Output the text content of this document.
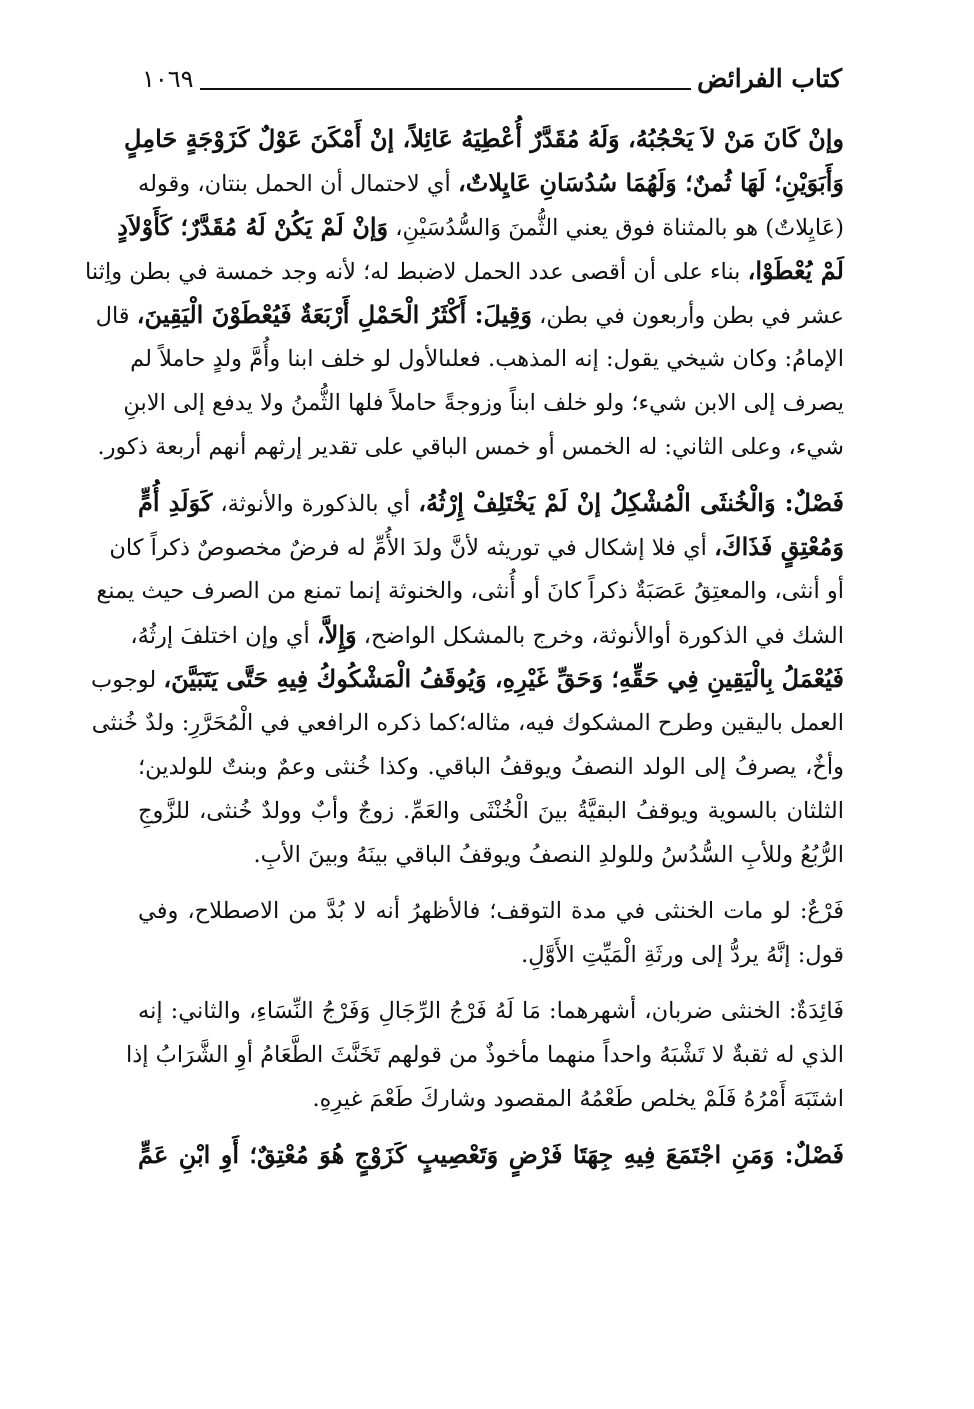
كتاب الفرائض
١٠٦٩
وإنْ كَانَ مَنْ لاَ يَحْجُبُهُ، وَلَهُ مُقَدَّرٌ أُعْطِيَهُ عَائِلاً، إنْ أَمْكَنَ عَوْلٌ كَزَوْجَةٍ حَامِلٍ
وَأَبَوَيْنِ؛ لَهَا ثُمنٌ؛ وَلَهُمَا سُدُسَانِ عَايِلاتٌ، أي لاحتمال أن الحمل بنتان، وقوله
(عَايِلاتٌ) هو بالمثناة فوق يعني الثُّمنَ وَالسُّدُسَيْنِ، وَإنْ لَمْ يَكُنْ لَهُ مُقَدَّرٌ؛ كَأَوْلاَدٍ
لَمْ يُعْطَوْا، بناء على أن أقصى عدد الحمل لاضبط له؛ لأنه وجد خمسة في بطن واِثنا
عشر في بطن وأربعون في بطن، وَقِيلَ: أَكْثَرُ الْحَمْلِ أَرْبَعَةٌ فَيُعْطَوْنَ الْيَقِينَ، قال
الإمامُ: وكان شيخي يقول: إنه المذهب. فعلىالأول لو خلف ابنا وأُمَّ ولدٍ حاملاً لم
يصرف إلى الابن شيء؛ ولو خلف ابناً وزوجةً حاملاً فلها الثُّمنُ ولا يدفع إلى الابنِ
شيء، وعلى الثاني: له الخمس أو خمس الباقي على تقدير إرثهم أنهم أربعة ذكور.
فَصْلٌ: وَالْخُنثَى الْمُشْكِلُ إنْ لَمْ يَخْتَلِفْ إِرْثُهُ، أي بالذكورة والأنوثة، كَوَلَدِ أُمٍّ
وَمُعْتِقٍ فَذَاكَ، أي فلا إشكال في توريثه لأنَّ ولدَ الأُمِّ له فرضٌ مخصوصٌ ذكراً كان
أو أنثى، والمعتِقُ عَصَبَةٌ ذكراً كانَ أو أُنثى، والخنوثة إنما تمنع من الصرف حيث يمنع
الشك في الذكورة أوالأنوثة، وخرج بالمشكل الواضح، وَإِلاَّ، أي وإن اختلفَ إرثُهُ،
فَيُعْمَلُ بِالْيَقِينِ فِي حَقِّهِ؛ وَحَقِّ غَيْرِهِ، وَيُوقَفُ الْمَشْكُوكُ فِيهِ حَتَّى يَتَبَيَّنَ، لوجوب
العمل باليقين وطرح المشكوك فيه، مثاله؛كما ذكره الرافعي في الْمُحَرَّرِ: ولدٌ خُنثى
وأخٌ، يصرفُ إلى الولد النصفُ ويوقفُ الباقي. وكذا خُنثى وعمٌ وبنتٌ للولدين؛
الثلثان بالسوية ويوقفُ البقيَّةُ بينَ الْخُنْثَى والعَمِّ. زوجٌ وأبٌ وولدٌ خُنثى، للزَّوجِ
الرُّبُعُ وللأبِ السُّدُسُ وللولدِ النصفُ ويوقفُ الباقي بينَهُ وبينَ الأبِ.
فَرْعٌ: لو مات الخنثى في مدة التوقف؛ فالأظهرُ أنه لا بُدَّ من الاصطلاح، وفي
قول: إنَّهُ يردُّ إلى ورثَةِ الْمَيِّتِ الأَوَّلِ.
فَائِدَةٌ: الخنثى ضربان، أشهرهما: مَا لَهُ فَرْجُ الرِّجَالِ وَفَرْجُ النِّسَاءِ، والثاني: إنه
الذي له ثقبةٌ لا تَشْبَهُ واحداً منهما مأخوذٌ من قولهم تَخَنَّثَ الطَّعَامُ أوِ الشَّرَابُ إذا
اشتَبَهَ أَمْرُهُ فَلَمْ يخلص طَعْمُهُ المقصود وشاركَ طَعْمَ غيرِهِ.
فَصْلٌ: وَمَنِ اجْتَمَعَ فِيهِ جِهَتَا فَرْضٍ وَتَعْصِيبٍ كَزَوْجٍ هُوَ مُعْتِقٌ؛ أَوِ ابْنِ عَمٍّ
